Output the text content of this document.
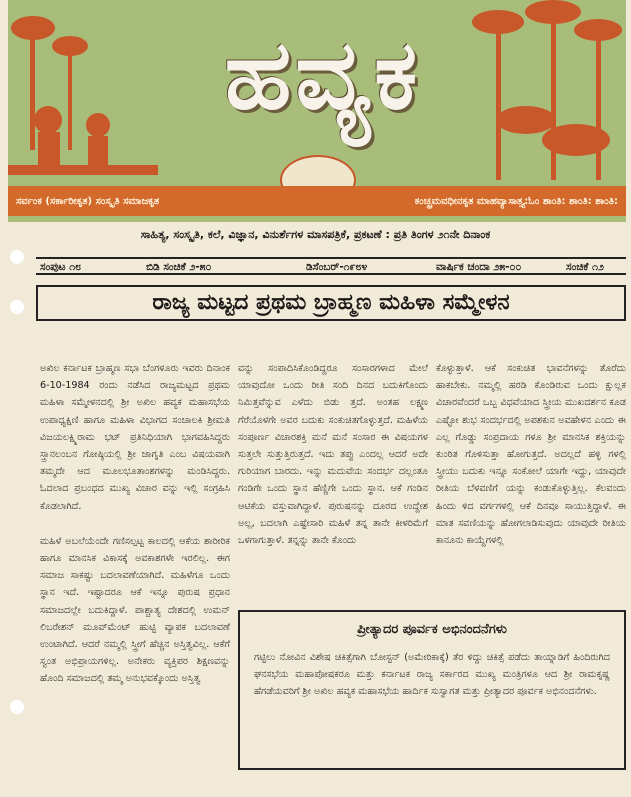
ಹವ್ಯಕ
ಸರ್ವಂಕ (ಸರ್ಕಾರೀಕೃತ) ಸಂಸ್ಕೃತಿ ಸಮಾಜಕೃತ	ಕಂಚ್ಛ್ರಮವಧೀನಕೃತ ಮಾಹವ್ಯಾಸಾತ್ತ್ಯ:ಓಂ ಶಾಂತಿ: ಶಾಂತಿ: ಶಾಂತಿ:
ಸಾಹಿತ್ಯ, ಸಂಸ್ಕೃತಿ, ಕಲೆ, ವಿಜ್ಞಾನ, ವಿನುರ್ಶೆಗಳ ಮಾಸಪತ್ರಿಕೆ, ಪ್ರಕಟಣೆ : ಪ್ರತಿ ತಿಂಗಳ ೨೧ನೇ ದಿನಾಂಕ
ಸಂಪುಟ ೧೮	ಬಿಡಿ ಸಂಚಿಕೆ ೨-೫೦	ಡಿಸೆಂಬರ್-೧೯೮೪	ವಾರ್ಷಿಕ ಚಂದಾ ೨೫-೦೦	ಸಂಚಿಕೆ ೧೨
ರಾಜ್ಯ ಮಟ್ಟದ ಪ್ರಥಮ ಬ್ರಾಹ್ಮಣ ಮಹಿಳಾ ಸಮ್ಮೇಳನ

ಅಖಿಲ ಕರ್ನಾಟಕ ಬ್ರಾಹ್ಮಣ ಸಭಾ ಬೆಂಗಳೂರು ಇವರು ದಿನಾಂಕ 6-10-1984 ರಂದು ನಡೆಸಿದ ರಾಜ್ಯಮಟ್ಟದ ಪ್ರಥಮ ಮಹಿಳಾ ಸಮ್ಮೇಳನದಲ್ಲಿ ಶ್ರೀ ಅಖಿಲ ಹವ್ಯಕ ಮಹಾಸಭೆಯ ಉಪಾಧ್ಯಕ್ಷಿಣಿ ಹಾಗೂ ಮಹಿಳಾ ವಿಭಾಗದ ಸಂಚಾಲಕಿ ಶ್ರೀಮತಿ ವಿಜಯಲಕ್ಷ್ಮಿರಾಮ ಭಟ್ ಪ್ರತಿನಿಧಿಯಾಗಿ ಭಾಗವಹಿಸಿದ್ದರು ಸ್ತ್ರಾನಲಂಬನ ಗೋಷ್ಠಿಯಲ್ಲಿ ಶ್ರೀ ಜಾಗೃತಿ ಎಂಬ ವಿಷಯವಾಗಿ ತಮ್ಮದೇ ಆದ ಮೂಲಭೂತಾಂಶಗಳನ್ನು ಮಂಡಿಸಿದ್ದರು. ಓದಲಾದ ಪ್ರಬಂಧದ ಮುಖ್ಯ ವಿಚಾರ ವನ್ನು ಇಲ್ಲಿ ಸಂಗ್ರಹಿಸಿ ಕೊಡಲಾಗಿದೆ.

ಮಹಿಳೆ ಅಬಲೆಯೆಂದೇ ಗಣಿಸಲ್ಪಟ್ಟ ಕಾಲದಲ್ಲಿ ಆಕೆಯ ಶಾರೀರಿಕ ಹಾಗೂ ಮಾನಸಿಕ ವಿಕಾಸಕ್ಕೆ ಅವಕಾಶಗಳೇ ಇರಲಿಲ್ಲ. ಈಗ ಸಮಾಜ ಸಾಕಷ್ಟು ಬದಲಾವಣೆಯಾಗಿದೆ. ಮಹಿಳೆಗೂ ಒಂದು ಸ್ಥಾನ ಇದೆ. ಇಷ್ಟಾದರೂ ಆಕೆ ಇನ್ನೂ ಪುರುಷ ಪ್ರಧಾನ ಸಮಾಜದಲ್ಲೇ ಬದುಕಿದ್ದಾಳೆ. ಪಾಶ್ಚಾತ್ಯ ದೇಶದಲ್ಲಿ ಉಮನ್ ಲಿಬರೇಶನ್ ಮೂವ್‌ಮೆಂಟ್ ಹುಟ್ಟಿ ವ್ಯಾಪಕ ಬದಲಾವಣೆ ಉಂಟಾಗಿದೆ. ಆದರೆ ನಮ್ಮಲ್ಲಿ ಸ್ತ್ರೀಗೆ ಹೆಚ್ಚಿನ ಅಸ್ತಿತ್ವವಿಲ್ಲ. ಆಕೆಗೆ ಸ್ವಂತ ಅಭಿಪ್ರಾಯಗಳಿಲ್ಲ. ಅನೇಕರು ವ್ಯಕ್ತಿಪರ ಶಿಕ್ಷಣವನ್ನು ಹೊಂದಿ ಸಮಾಜದಲ್ಲಿ ತಮ್ಮ ಅನುಭವಕ್ಕೊಂದು ಅಸ್ತಿತ್ವ

ವನ್ನು ಸಂಪಾದಿಸಿಕೊಂಡಿದ್ದರೂ ಸಂಸಾರಗಳಾದ ಮೇಲೆ ಯಾವುದೋ ಒಂದು ರೀತಿ ಸಂದಿ ದಿನದ ಬದುಕಿಗೊಂದು ನಿಮಿತ್ತವೆನ್ನುವ ಎಳೆದು ಬಿಡು ತ್ತದೆ. ಅಂತಹ ಲಕ್ಷ್ಮಣ ಗೆರೆಯೊಳಗೇ ಅವರ ಬದುಕು ಸಂಕುಚಿತಗೊಳ್ಳುತ್ತದೆ. ಮಹಿಳೆಯ ಸಂಪೂರ್ಣ ವಿಚಾರಶಕ್ತಿ ಮನೆ ಮನೆ ಸಂಸಾರ ಈ ವಿಷಯಗಳ ಸುತ್ತಲೇ ಸುತ್ತುತ್ತಿರುತ್ತದೆ. ಇದು ತಪ್ಪು ಎಂದಲ್ಲ ಆದರೆ ಅದೇ ಗುರಿಯಾಗ ಬಾರದು. ಇನ್ನು ಮದುವೆಯ ಸಂದರ್ಭ ದಲ್ಲಂತೂ ಗಂಡಿಗೇ ಒಂದು ಸ್ಥಾನ ಹೆಣ್ಣಿಗೇ ಒಂದು ಸ್ಥಾನ. ಆಕೆ ಗಂಡಿನ ಆಟಿಕೆಯ ವಸ್ತುವಾಗಿದ್ದಾಳೆ. ಪುರುಷನನ್ನು ದೂರದ ಉದ್ದೇಶ ಅಲ್ಲ, ಬದಲಾಗಿ ಎಷ್ಟೇಸಾರಿ ಮಹಿಳೆ ತನ್ನ ತಾನೇ ಕೀಳರಿಮೆಗೆ ಒಳಗಾಗುತ್ತಾಳೆ. ತನ್ನನ್ನು ತಾನೇ ಕೊಂದು

ಕೊಳ್ಳುತ್ತಾಳೆ. ಆಕೆ ಸಂಕುಚಿತ ಭಾವನೆಗಳನ್ನು ತೊರೆದು ಹಾಕಬೇಕು. ನಮ್ಮಲ್ಲಿ ಹರಡಿ ಕೊಂಡಿರುವ ಒಂದು ಕ್ಷುಲ್ಲಕ ವಿಚಾರವೆಂದರೆ ಒಬ್ಬ ವಿಧವೆಯಾದ ಸ್ತ್ರೀಯ ಮುಖದರ್ಶನ ಕೂಡ ಎಷ್ಟೋ ಶುಭ ಸಂದರ್ಭದಲ್ಲಿ ಅಪಶಕುನ ಅವಹೇಳನ ಎಂದು ಈ ಎಲ್ಲ ಗೊಡ್ಡು ಸಂಪ್ರದಾಯ ಗಳೂ ಶ್ರೀ ಮಾನಸಿಕ ಶಕ್ತಿಯನ್ನು ಕುಂಠಿತ ಗೊಳಿಸುತ್ತಾ ಹೋಗುತ್ತದೆ. ಅದಲ್ಲದೆ ಹಳ್ಳಿ ಗಳಲ್ಲಿ ಸ್ತ್ರೀಯು ಬದುಕು ಇನ್ನೂ ಸಂಕೋಲೆ ಯಾಗೇ ಇದ್ದು, ಯಾವುದೇ ರೀತಿಯ ಬೆಳವಣಿಗೆ ಯನ್ನು ಕಂಡುಕೊಳ್ಳುತ್ತಿಲ್ಲ. ಕೆಲವಂದು ಹಿಂದು ಳಿದ ವರ್ಗಗಳಲ್ಲಿ ಆಕೆ ದಿನವೂ ಸಾಯುತ್ತಿದ್ದಾಳೆ. ಈ ಮಾತ ಸವಣಿಯನ್ನು ಹೋಗಲಾಡಿಸುವುದು ಯಾವುದೇ ರೀತಿಯ ಕಾನೂನು ಕಾಯ್ದೆಗಳಲ್ಲಿ

ಪ್ರೀತ್ಯಾದರ ಪೂರ್ವಕ ಅಭಿನಂದನೆಗಳು
ಗಟ್ಟಿಲು ನೋವಿನ ವಿಶೇಷ ಚಿಕಿತ್ಸೆಗಾಗಿ ಬೋಸ್ಟನ್ (ಅಮೇರಿಕಾಕ್ಕೆ) ತೆರ ಳಿದ್ದು ಚಿಕಿತ್ಸೆ ಪಡೆದು ತಾಯ್ನಾಡಿಗೆ ಹಿಂದಿರುಗಿದ ಘನಸಭೆಯ ಮಹಾಪೋಷಕರೂ ಮತ್ತು ಕರ್ನಾಟಕ ರಾಜ್ಯ ಸರ್ಕಾರದ ಮುಖ್ಯ ಮಂತ್ರಿಗಳೂ ಆದ ಶ್ರೀ ರಾಮಕೃಷ್ಣ ಹೆಗಡೆಯವರಿಗೆ ಶ್ರೀ ಅಖಿಲ ಹವ್ಯಕ ಮಹಾಸಭೆಯ ಹಾರ್ದಿಕ ಸುಸ್ವಾಗತ ಮತ್ತು ಪ್ರೀತ್ಯಾದರ ಪೂರ್ವಕ ಅಭಿನಂದನೆಗಳು.
